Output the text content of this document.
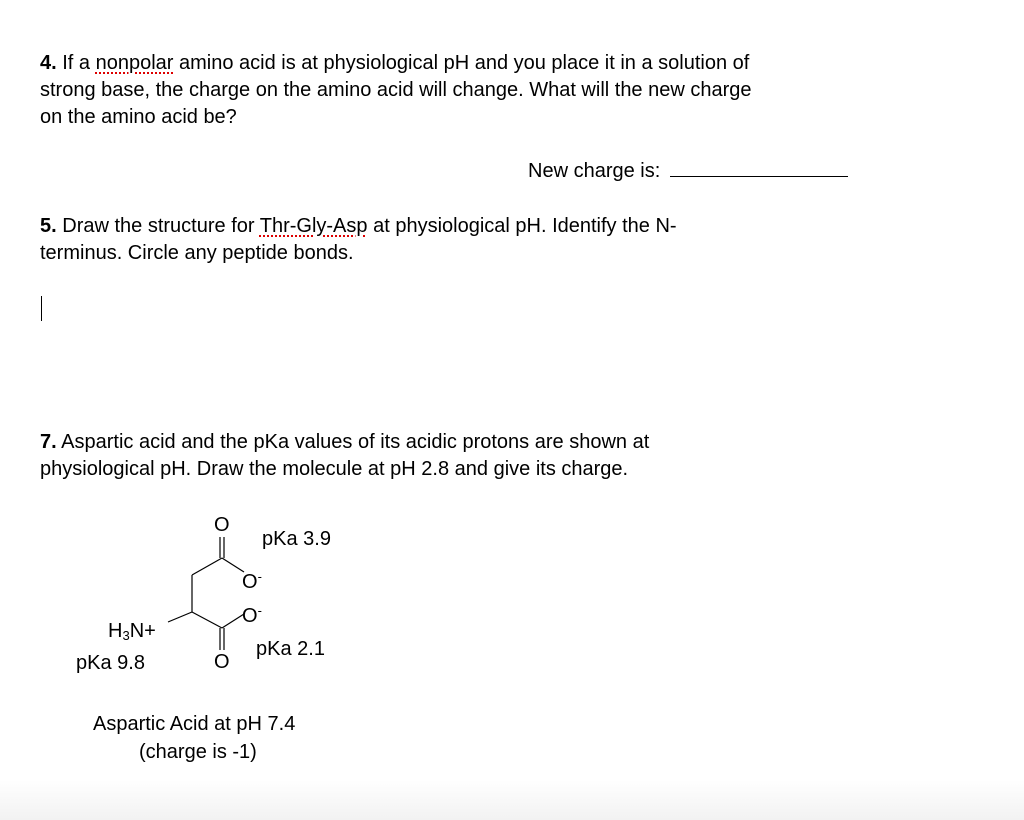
4. If a nonpolar amino acid is at physiological pH and you place it in a solution of
strong base, the charge on the amino acid will change. What will the new charge
on the amino acid be?
New charge is:
5. Draw the structure for Thr-Gly-Asp at physiological pH. Identify the N-
terminus. Circle any peptide bonds.
7. Aspartic acid and the pKa values of its acidic protons are shown at
physiological pH. Draw the molecule at pH 2.8 and give its charge.
O
O-
O-
O
$H_3N+$
pKa 3.9
pKa 2.1
pKa 9.8
Aspartic Acid at pH 7.4
(charge is -1)
